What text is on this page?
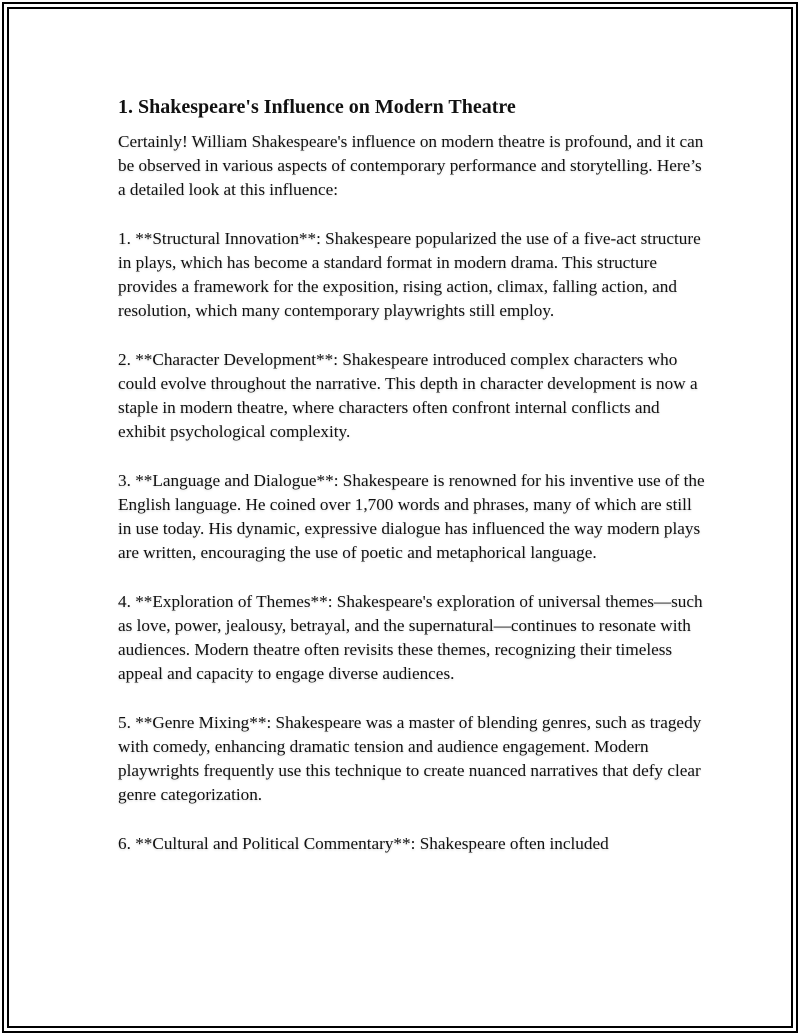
1. Shakespeare's Influence on Modern Theatre

Certainly! William Shakespeare's influence on modern theatre is profound, and it can be observed in various aspects of contemporary performance and storytelling. Here’s a detailed look at this influence:

1. **Structural Innovation**: Shakespeare popularized the use of a five-act structure in plays, which has become a standard format in modern drama. This structure provides a framework for the exposition, rising action, climax, falling action, and resolution, which many contemporary playwrights still employ.

2. **Character Development**: Shakespeare introduced complex characters who could evolve throughout the narrative. This depth in character development is now a staple in modern theatre, where characters often confront internal conflicts and exhibit psychological complexity.

3. **Language and Dialogue**: Shakespeare is renowned for his inventive use of the English language. He coined over 1,700 words and phrases, many of which are still in use today. His dynamic, expressive dialogue has influenced the way modern plays are written, encouraging the use of poetic and metaphorical language.

4. **Exploration of Themes**: Shakespeare's exploration of universal themes—such as love, power, jealousy, betrayal, and the supernatural—continues to resonate with audiences. Modern theatre often revisits these themes, recognizing their timeless appeal and capacity to engage diverse audiences.

5. **Genre Mixing**: Shakespeare was a master of blending genres, such as tragedy with comedy, enhancing dramatic tension and audience engagement. Modern playwrights frequently use this technique to create nuanced narratives that defy clear genre categorization.

6. **Cultural and Political Commentary**: Shakespeare often included
